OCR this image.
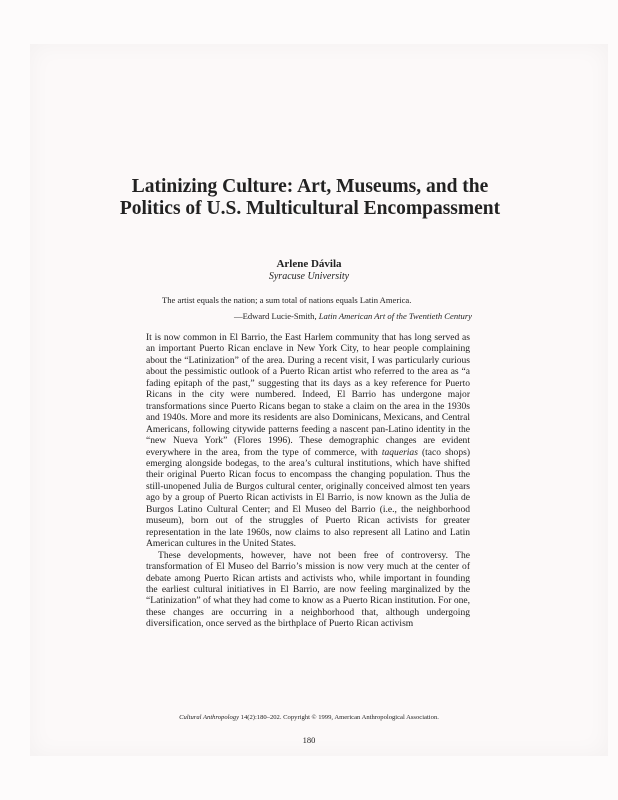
Latinizing Culture: Art, Museums, and the Politics of U.S. Multicultural Encompassment
Arlene Dávila
Syracuse University
The artist equals the nation; a sum total of nations equals Latin America.
—Edward Lucie-Smith, Latin American Art of the Twentieth Century

It is now common in El Barrio, the East Harlem community that has long served as an important Puerto Rican enclave in New York City, to hear people complaining about the “Latinization” of the area. During a recent visit, I was particularly curious about the pessimistic outlook of a Puerto Rican artist who referred to the area as “a fading epitaph of the past,” suggesting that its days as a key reference for Puerto Ricans in the city were numbered. Indeed, El Barrio has undergone major transformations since Puerto Ricans began to stake a claim on the area in the 1930s and 1940s. More and more its residents are also Dominicans, Mexicans, and Central Americans, following citywide patterns feeding a nascent pan-Latino identity in the “new Nueva York” (Flores 1996). These demographic changes are evident everywhere in the area, from the type of commerce, with taquerias (taco shops) emerging alongside bodegas, to the area’s cultural institutions, which have shifted their original Puerto Rican focus to encompass the changing population. Thus the still-unopened Julia de Burgos cultural center, originally conceived almost ten years ago by a group of Puerto Rican activists in El Barrio, is now known as the Julia de Burgos Latino Cultural Center; and El Museo del Barrio (i.e., the neighborhood museum), born out of the struggles of Puerto Rican activists for greater representation in the late 1960s, now claims to also represent all Latino and Latin American cultures in the United States.

These developments, however, have not been free of controversy. The transformation of El Museo del Barrio’s mission is now very much at the center of debate among Puerto Rican artists and activists who, while important in founding the earliest cultural initiatives in El Barrio, are now feeling marginalized by the “Latinization” of what they had come to know as a Puerto Rican institution. For one, these changes are occurring in a neighborhood that, although undergoing diversification, once served as the birthplace of Puerto Rican activism

Cultural Anthropology 14(2):180–202. Copyright © 1999, American Anthropological Association.
180
